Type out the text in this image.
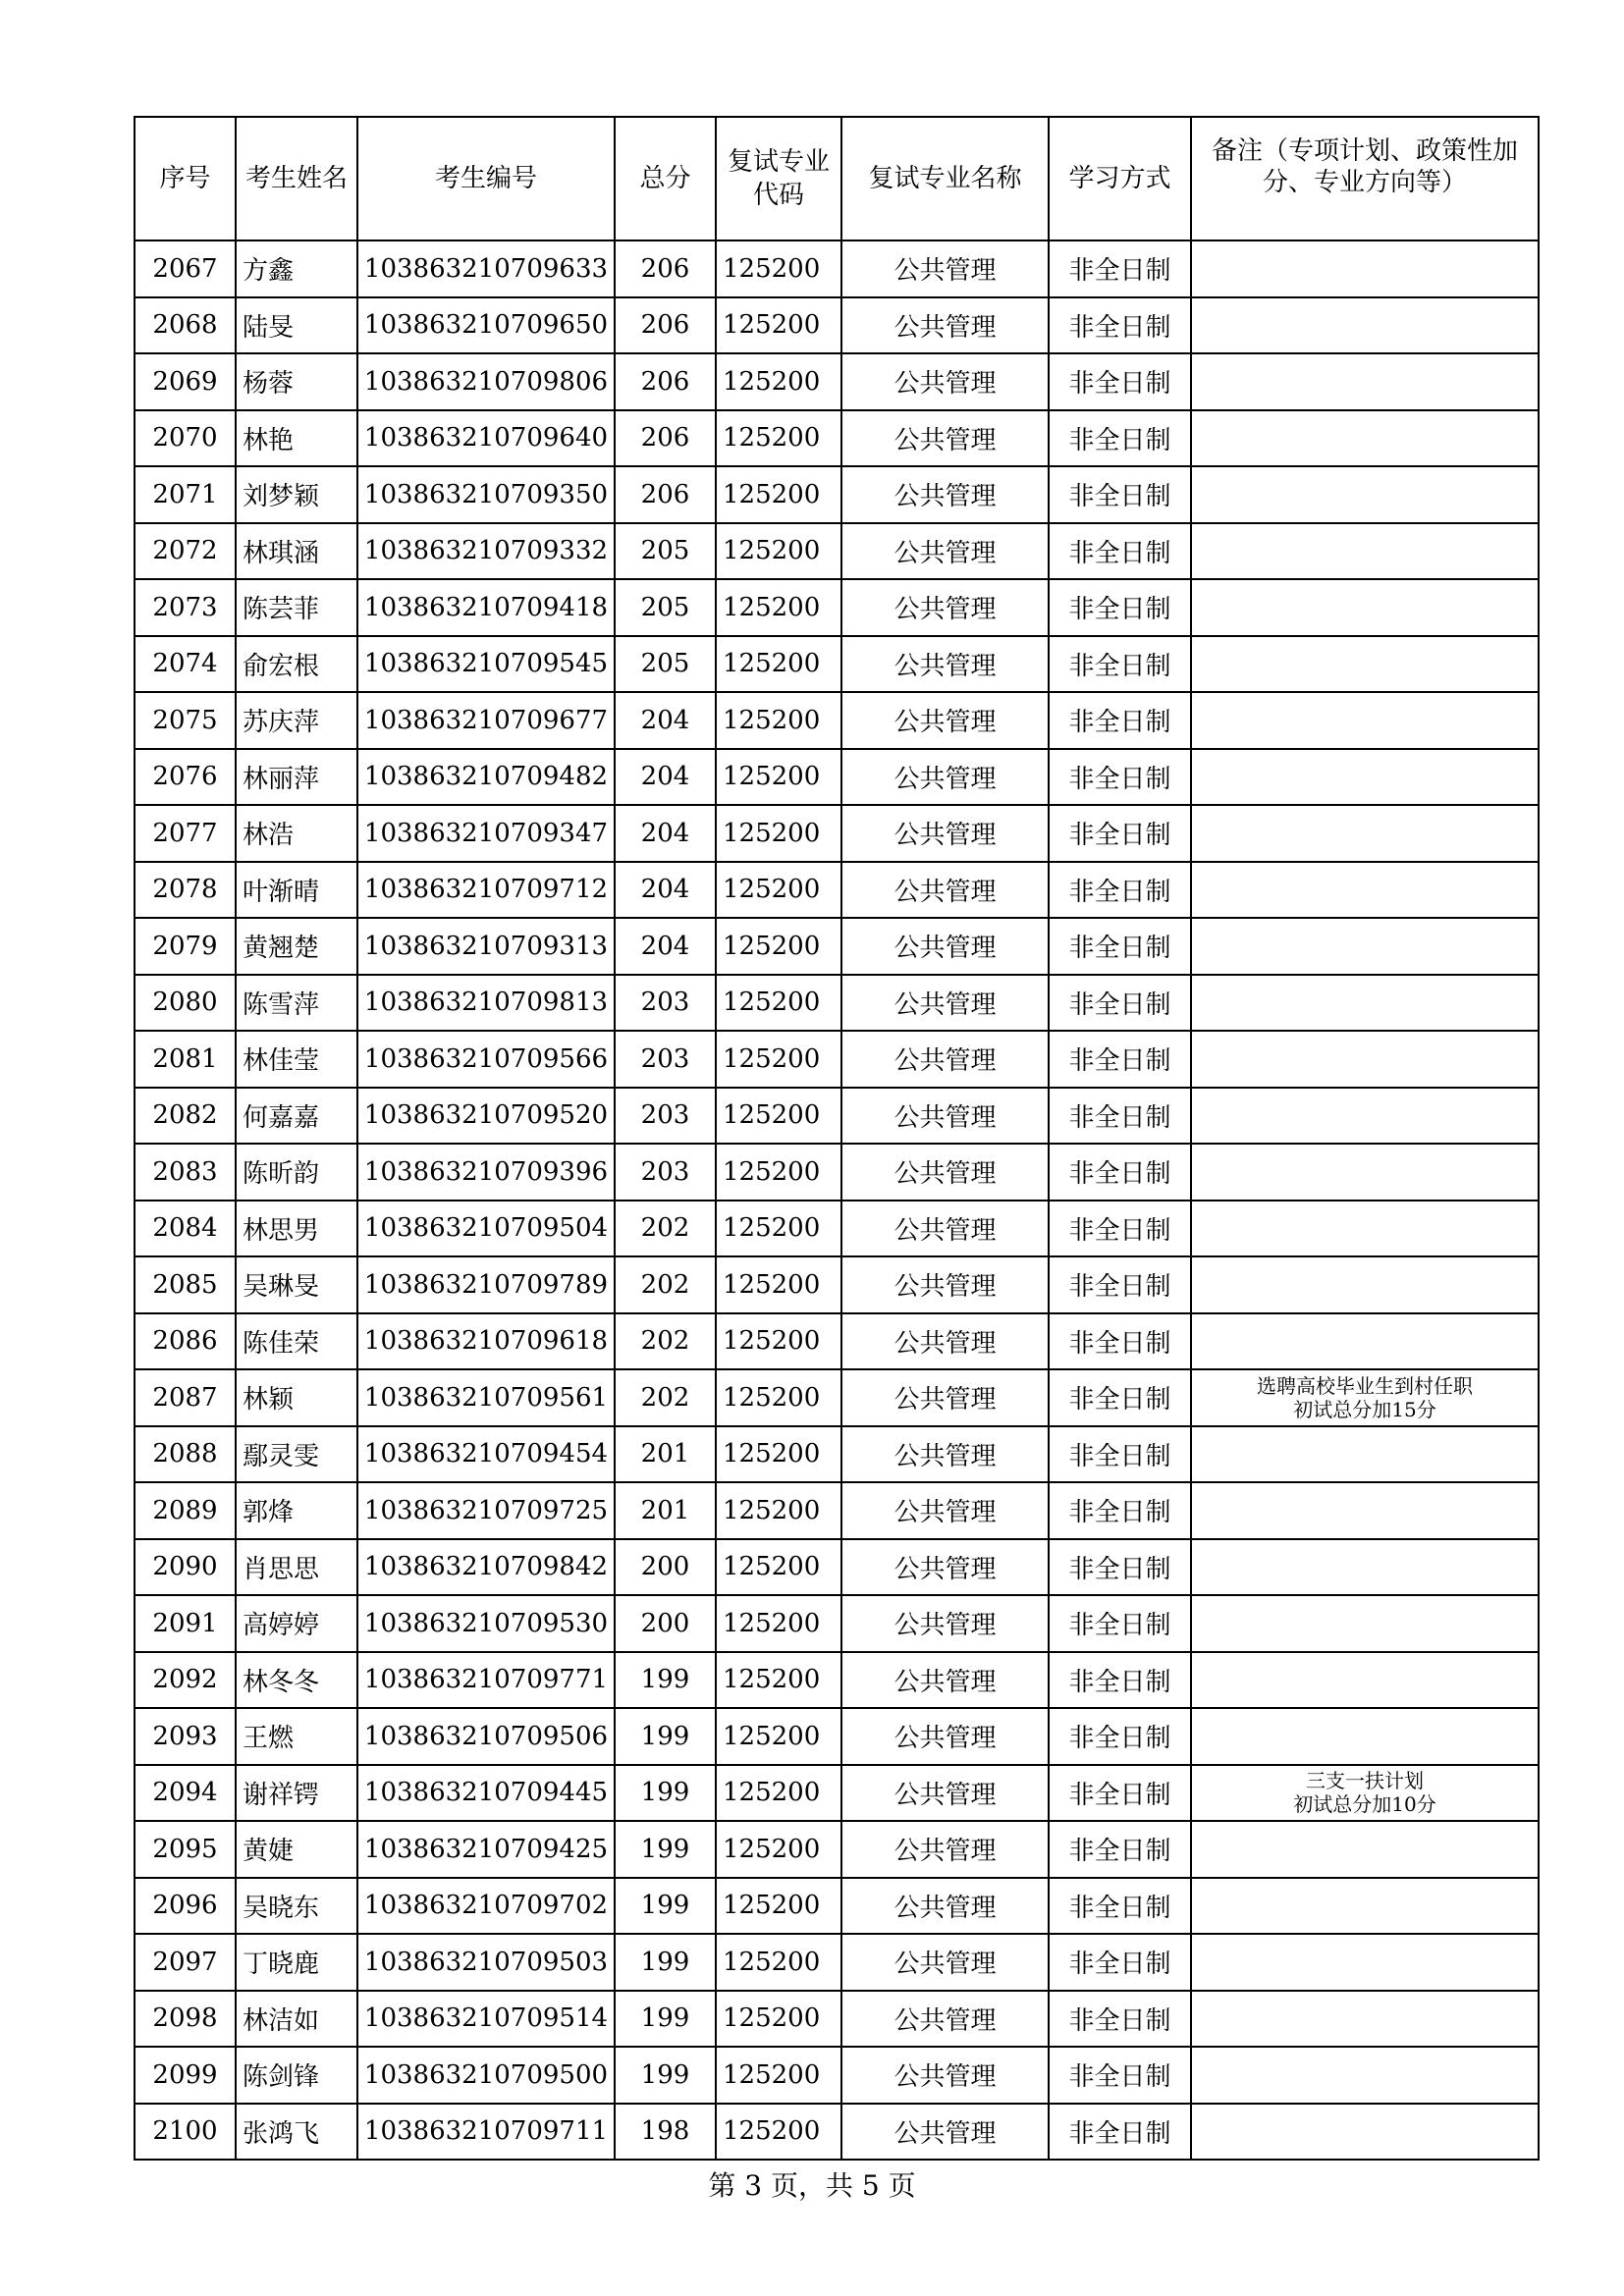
序号	考生姓名	考生编号	总分	复试专业代码	复试专业名称	学习方式	备注（专项计划、政策性加分、专业方向等）
2067	方鑫	103863210709633	206	125200	公共管理	非全日制	
2068	陆旻	103863210709650	206	125200	公共管理	非全日制	
2069	杨蓉	103863210709806	206	125200	公共管理	非全日制	
2070	林艳	103863210709640	206	125200	公共管理	非全日制	
2071	刘梦颖	103863210709350	206	125200	公共管理	非全日制	
2072	林琪涵	103863210709332	205	125200	公共管理	非全日制	
2073	陈芸菲	103863210709418	205	125200	公共管理	非全日制	
2074	俞宏根	103863210709545	205	125200	公共管理	非全日制	
2075	苏庆萍	103863210709677	204	125200	公共管理	非全日制	
2076	林丽萍	103863210709482	204	125200	公共管理	非全日制	
2077	林浩	103863210709347	204	125200	公共管理	非全日制	
2078	叶渐晴	103863210709712	204	125200	公共管理	非全日制	
2079	黄翘楚	103863210709313	204	125200	公共管理	非全日制	
2080	陈雪萍	103863210709813	203	125200	公共管理	非全日制	
2081	林佳莹	103863210709566	203	125200	公共管理	非全日制	
2082	何嘉嘉	103863210709520	203	125200	公共管理	非全日制	
2083	陈昕韵	103863210709396	203	125200	公共管理	非全日制	
2084	林思男	103863210709504	202	125200	公共管理	非全日制	
2085	吴琳旻	103863210709789	202	125200	公共管理	非全日制	
2086	陈佳荣	103863210709618	202	125200	公共管理	非全日制	
2087	林颖	103863210709561	202	125200	公共管理	非全日制	选聘高校毕业生到村任职
初试总分加15分

2088	鄢灵雯	103863210709454	201	125200	公共管理	非全日制	
2089	郭烽	103863210709725	201	125200	公共管理	非全日制	
2090	肖思思	103863210709842	200	125200	公共管理	非全日制	
2091	高婷婷	103863210709530	200	125200	公共管理	非全日制	
2092	林冬冬	103863210709771	199	125200	公共管理	非全日制	
2093	王燃	103863210709506	199	125200	公共管理	非全日制	
2094	谢祥锷	103863210709445	199	125200	公共管理	非全日制	三支一扶计划
初试总分加10分

2095	黄婕	103863210709425	199	125200	公共管理	非全日制	
2096	吴晓东	103863210709702	199	125200	公共管理	非全日制	
2097	丁晓鹿	103863210709503	199	125200	公共管理	非全日制	
2098	林洁如	103863210709514	199	125200	公共管理	非全日制	
2099	陈剑锋	103863210709500	199	125200	公共管理	非全日制	
2100	张鸿飞	103863210709711	198	125200	公共管理	非全日制	
第 3 页，共 5 页
